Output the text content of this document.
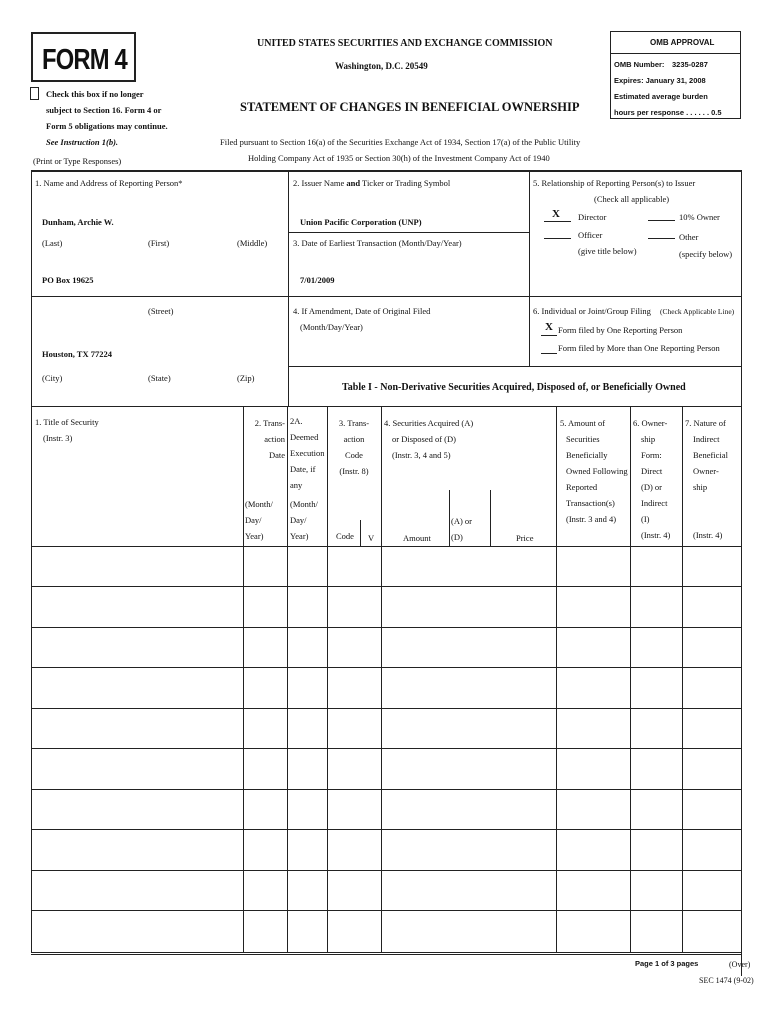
FORM 4
Check this box if no longer
subject to Section 16. Form 4 or
Form 5 obligations may continue.
See Instruction 1(b).
(Print or Type Responses)
UNITED STATES SECURITIES AND EXCHANGE COMMISSION
Washington, D.C. 20549
STATEMENT OF CHANGES IN BENEFICIAL OWNERSHIP
Filed pursuant to Section 16(a) of the Securities Exchange Act of 1934, Section 17(a) of the Public Utility
Holding Company Act of 1935 or Section 30(h) of the Investment Company Act of 1940
OMB APPROVAL
OMB Number: 3235-0287
Expires: January 31, 2008
Estimated average burden
hours per response . . . . . . 0.5
1. Name and Address of Reporting Person*
Dunham, Archie W.
(Last)	(First)	(Middle)
PO Box 19625
(Street)
Houston, TX 77224
(City)	(State)	(Zip)
2. Issuer Name and Ticker or Trading Symbol
Union Pacific Corporation (UNP)
3. Date of Earliest Transaction (Month/Day/Year)
7/01/2009
4. If Amendment, Date of Original Filed
(Month/Day/Year)
5. Relationship of Reporting Person(s) to Issuer
(Check all applicable)
X Director	10% Owner
Officer
(give title below)
Other
(specify below)
6. Individual or Joint/Group Filing (Check Applicable Line)
X Form filed by One Reporting Person
Form filed by More than One Reporting Person
Table I - Non-Derivative Securities Acquired, Disposed of, or Beneficially Owned
1. Title of Security
(Instr. 3)
2. Trans-
action
Date
(Month/
Day/
Year)
2A.
Deemed
Execution
Date, if
any
(Month/
Day/
Year)
3. Trans-
action
Code
(Instr. 8)
Code V
4. Securities Acquired (A)
or Disposed of (D)
(Instr. 3, 4 and 5)
Amount
(A) or
(D)	Price
5. Amount of
Securities
Beneficially
Owned Following
Reported
Transaction(s)
(Instr. 3 and 4)
6. Owner-
ship
Form:
Direct
(D) or
Indirect
(I)
(Instr. 4)
7. Nature of
Indirect
Beneficial
Owner-
ship

(Instr. 4)
Page 1 of 3 pages	(Over)
SEC 1474 (9-02)
